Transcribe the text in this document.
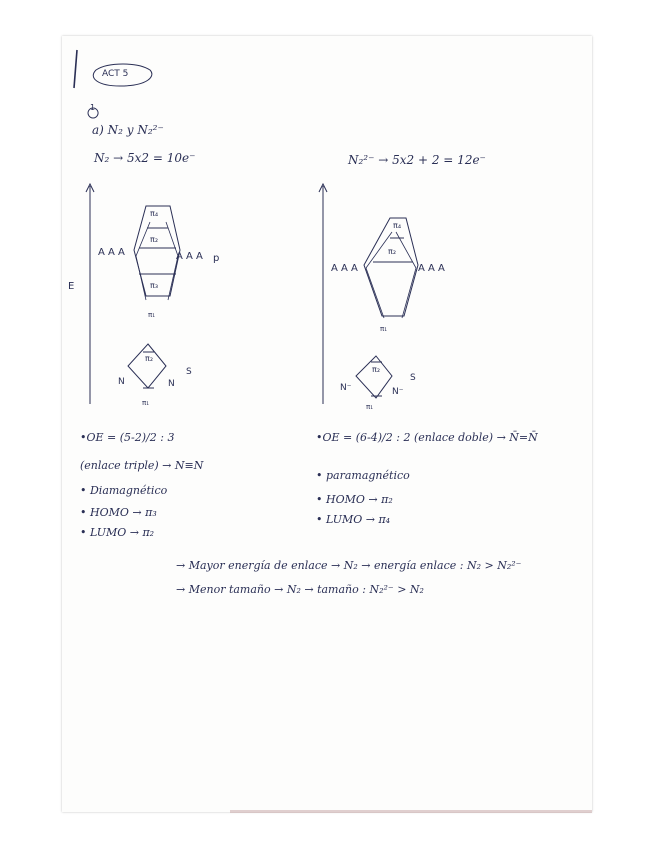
ACT 5
1
a) N₂ y N₂²⁻
N₂ → 5x2 = 10e⁻
E
π₄
π₂
A A A	A A A p
π₃
π₁
π₂
N	N
S
π₁
•OE = (5-2)/2 : 3
(enlace triple) → N≡N
• Diamagnético
• HOMO → π₃
• LUMO → π₂
N₂²⁻ → 5x2 + 2 = 12e⁻
π₄
π₂
A A A	A A A
π₁
π₂
N⁻	N⁻
S
π₁
•OE = (6-4)/2 : 2 (enlace doble) → N̄=N̄
• paramagnético
• HOMO → π₂
• LUMO → π₄
→ Mayor energía de enlace → N₂ → energía enlace : N₂ > N₂²⁻
→ Menor tamaño → N₂ → tamaño : N₂²⁻ > N₂
